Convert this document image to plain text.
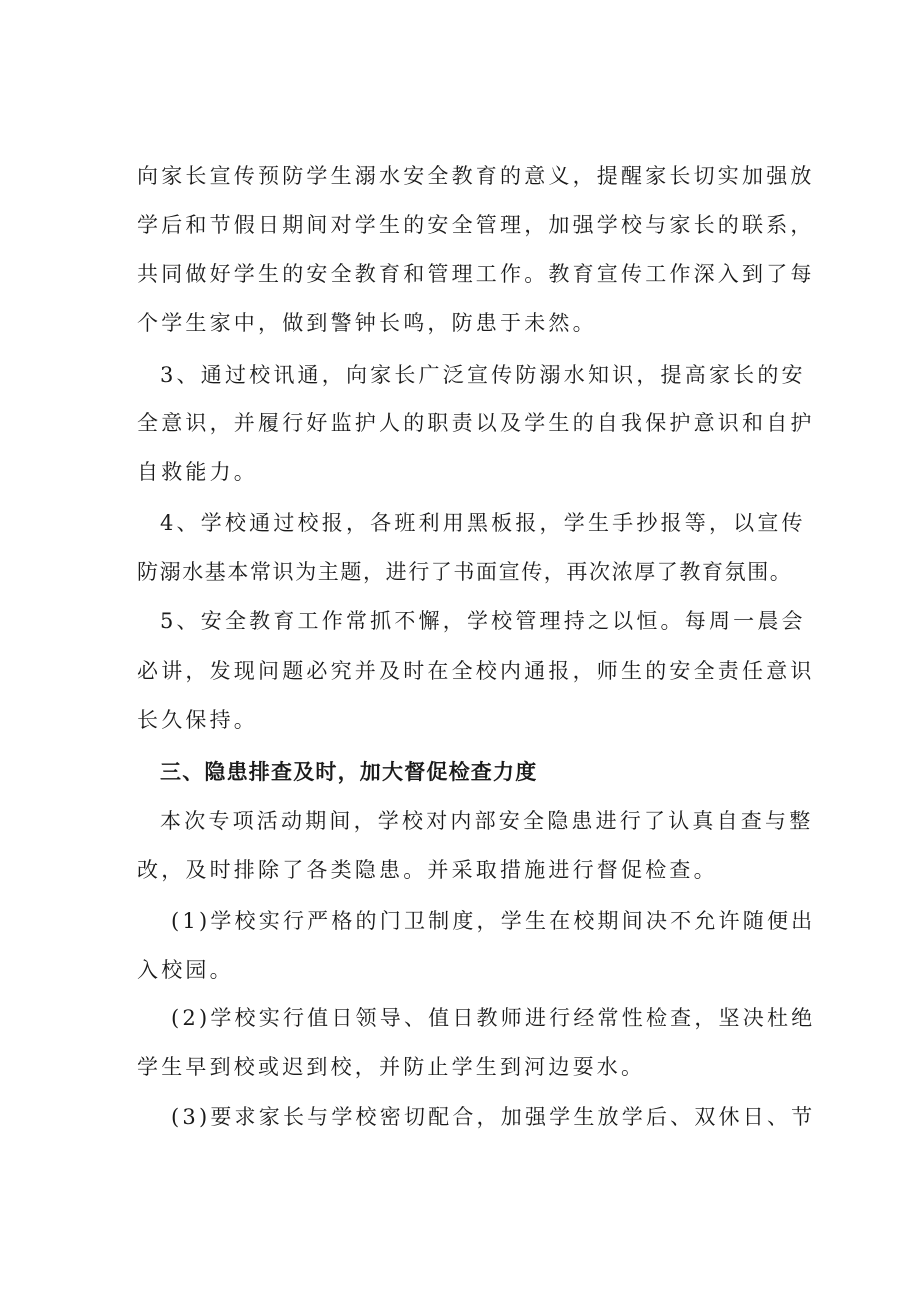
向家长宣传预防学生溺水安全教育的意义，提醒家长切实加强放
学后和节假日期间对学生的安全管理，加强学校与家长的联系，
共同做好学生的安全教育和管理工作。教育宣传工作深入到了每
个学生家中，做到警钟长鸣，防患于未然。
3、通过校讯通，向家长广泛宣传防溺水知识，提高家长的安
全意识，并履行好监护人的职责以及学生的自我保护意识和自护
自救能力。
4、学校通过校报，各班利用黑板报，学生手抄报等，以宣传
防溺水基本常识为主题，进行了书面宣传，再次浓厚了教育氛围。
5、安全教育工作常抓不懈，学校管理持之以恒。每周一晨会
必讲，发现问题必究并及时在全校内通报，师生的安全责任意识
长久保持。
三、隐患排查及时，加大督促检查力度
本次专项活动期间，学校对内部安全隐患进行了认真自查与整
改，及时排除了各类隐患。并采取措施进行督促检查。
(1)学校实行严格的门卫制度，学生在校期间决不允许随便出
入校园。
(2)学校实行值日领导、值日教师进行经常性检查，坚决杜绝
学生早到校或迟到校，并防止学生到河边耍水。
(3)要求家长与学校密切配合，加强学生放学后、双休日、节
